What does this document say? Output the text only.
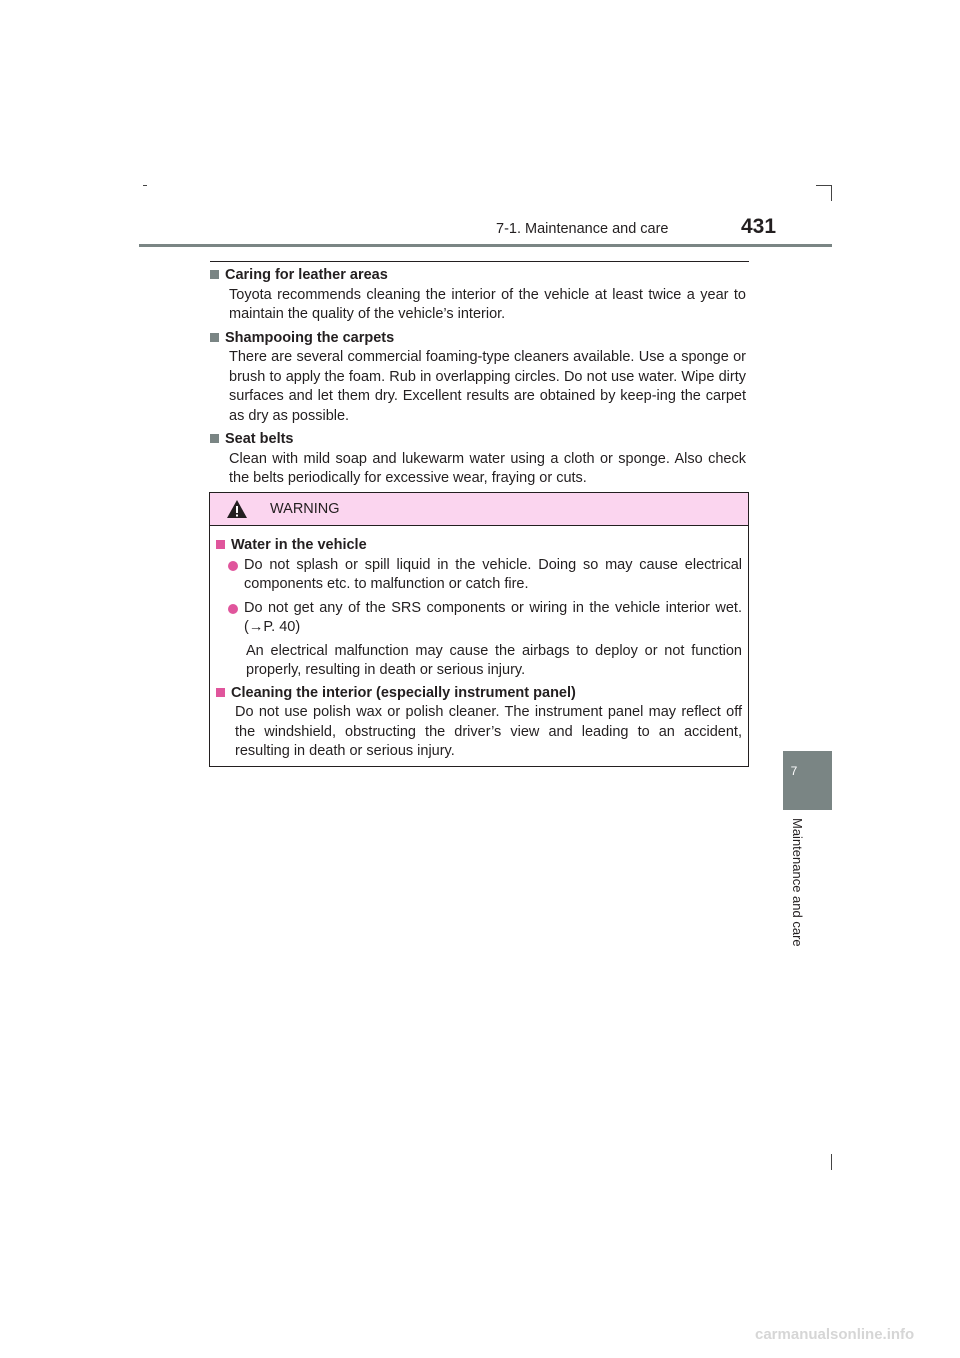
7-1. Maintenance and care	431
Caring for leather areas
Toyota recommends cleaning the interior of the vehicle at least twice a year to maintain the quality of the vehicle’s interior.
Shampooing the carpets
There are several commercial foaming-type cleaners available. Use a sponge or brush to apply the foam. Rub in overlapping circles. Do not use water. Wipe dirty surfaces and let them dry. Excellent results are obtained by keep-ing the carpet as dry as possible.
Seat belts
Clean with mild soap and lukewarm water using a cloth or sponge. Also check the belts periodically for excessive wear, fraying or cuts.
WARNING
Water in the vehicle
Do not splash or spill liquid in the vehicle. Doing so may cause electrical components etc. to malfunction or catch fire.
Do not get any of the SRS components or wiring in the vehicle interior wet. (→P. 40)
An electrical malfunction may cause the airbags to deploy or not function properly, resulting in death or serious injury.
Cleaning the interior (especially instrument panel)
Do not use polish wax or polish cleaner. The instrument panel may reflect off the windshield, obstructing the driver’s view and leading to an accident, resulting in death or serious injury.
7
Maintenance and care
carmanualsonline.info
